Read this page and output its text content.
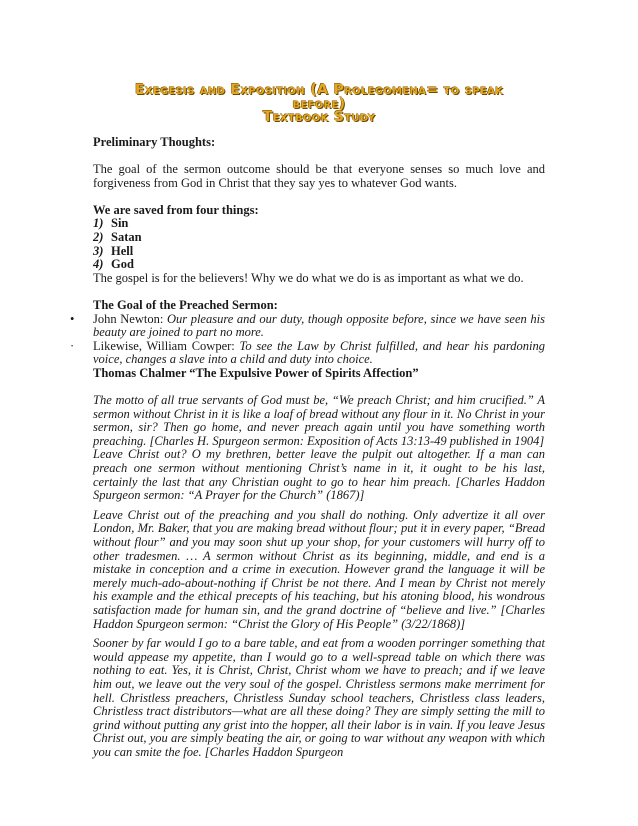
Exegesis and Exposition (A Prolegomena= to speak
before)
Textbook Study

Preliminary Thoughts:

The goal of the sermon outcome should be that everyone senses so much love and forgiveness from God in Christ that they say yes to whatever God wants.

We are saved from four things:

1) Sin
2) Satan
3) Hell
4) God

The gospel is for the believers! Why we do what we do is as important as what we do.

The Goal of the Preached Sermon:

• John Newton: Our pleasure and our duty, though opposite before, since we have seen his beauty are joined to part no more.

· Likewise, William Cowper: To see the Law by Christ fulfilled, and hear his pardoning voice, changes a slave into a child and duty into choice.

Thomas Chalmer “The Expulsive Power of Spirits Affection”

The motto of all true servants of God must be, “We preach Christ; and him crucified.” A sermon without Christ in it is like a loaf of bread without any flour in it. No Christ in your sermon, sir? Then go home, and never preach again until you have something worth preaching. [Charles H. Spurgeon sermon: Exposition of Acts 13:13-49 published in 1904]

Leave Christ out? O my brethren, better leave the pulpit out altogether. If a man can preach one sermon without mentioning Christ’s name in it, it ought to be his last, certainly the last that any Christian ought to go to hear him preach. [Charles Haddon Spurgeon sermon: “A Prayer for the Church” (1867)]

Leave Christ out of the preaching and you shall do nothing. Only advertize it all over London, Mr. Baker, that you are making bread without flour; put it in every paper, “Bread without flour” and you may soon shut up your shop, for your customers will hurry off to other tradesmen. … A sermon without Christ as its beginning, middle, and end is a mistake in conception and a crime in execution. However grand the language it will be merely much-ado-about-nothing if Christ be not there. And I mean by Christ not merely his example and the ethical precepts of his teaching, but his atoning blood, his wondrous satisfaction made for human sin, and the grand doctrine of “believe and live.” [Charles Haddon Spurgeon sermon: “Christ the Glory of His People” (3/22/1868)]

Sooner by far would I go to a bare table, and eat from a wooden porringer something that would appease my appetite, than I would go to a well-spread table on which there was nothing to eat. Yes, it is Christ, Christ, Christ whom we have to preach; and if we leave him out, we leave out the very soul of the gospel. Christless sermons make merriment for hell. Christless preachers, Christless Sunday school teachers, Christless class leaders, Christless tract distributors—what are all these doing? They are simply setting the mill to grind without putting any grist into the hopper, all their labor is in vain. If you leave Jesus Christ out, you are simply beating the air, or going to war without any weapon with which you can smite the foe. [Charles Haddon Spurgeon
